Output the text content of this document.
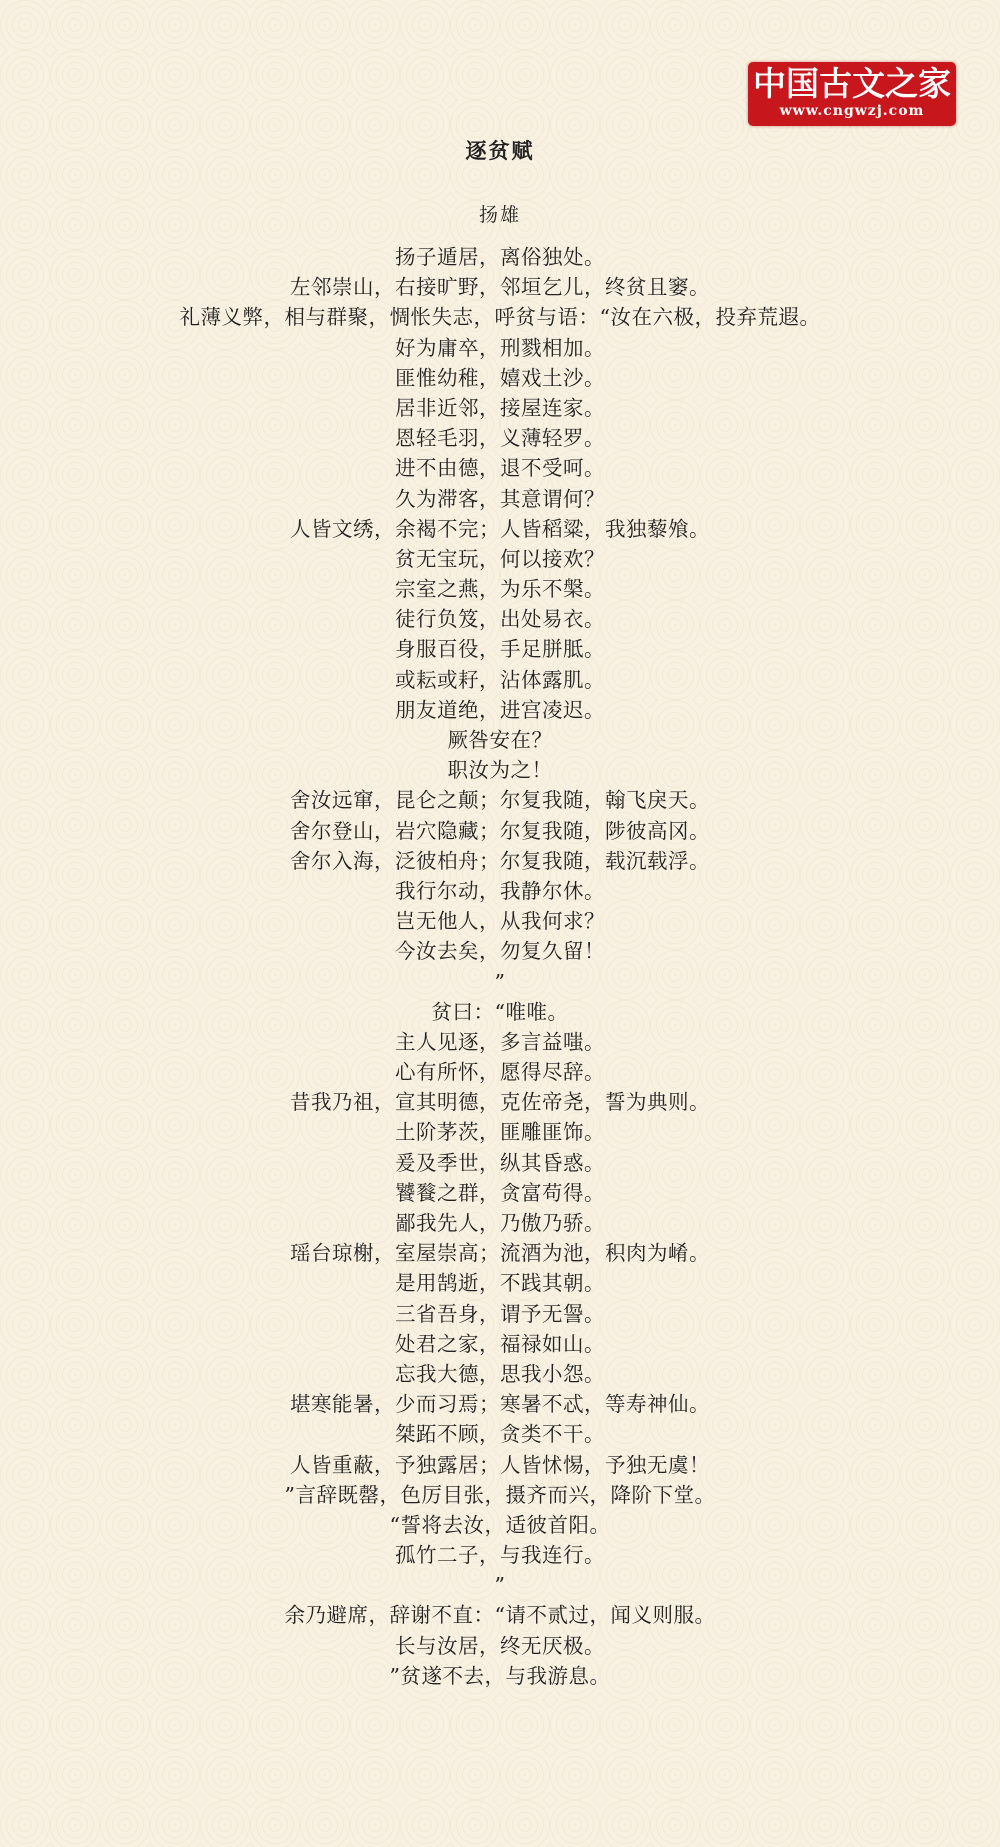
中国古文之家
www.cngwzj.com
逐贫赋
扬雄
扬子遁居，离俗独处。
左邻崇山，右接旷野，邻垣乞儿，终贫且窭。
礼薄义弊，相与群聚，惆怅失志，呼贫与语：“汝在六极，投弃荒遐。
好为庸卒，刑戮相加。
匪惟幼稚，嬉戏土沙。
居非近邻，接屋连家。
恩轻毛羽，义薄轻罗。
进不由德，退不受呵。
久为滞客，其意谓何？
人皆文绣，余褐不完；人皆稻粱，我独藜飧。
贫无宝玩，何以接欢？
宗室之燕，为乐不槃。
徒行负笈，出处易衣。
身服百役，手足胼胝。
或耘或耔，沾体露肌。
朋友道绝，进宫凌迟。
厥咎安在？
职汝为之！
舍汝远窜，昆仑之颠；尔复我随，翰飞戾天。
舍尔登山，岩穴隐藏；尔复我随，陟彼高冈。
舍尔入海，泛彼柏舟；尔复我随，载沉载浮。
我行尔动，我静尔休。
岂无他人，从我何求？
今汝去矣，勿复久留！
”
贫曰：“唯唯。
主人见逐，多言益嗤。
心有所怀，愿得尽辞。
昔我乃祖，宣其明德，克佐帝尧，誓为典则。
土阶茅茨，匪雕匪饰。
爰及季世，纵其昏惑。
饕餮之群，贪富苟得。
鄙我先人，乃傲乃骄。
瑶台琼榭，室屋崇高；流酒为池，积肉为崤。
是用鹄逝，不践其朝。
三省吾身，谓予无諐。
处君之家，福禄如山。
忘我大德，思我小怨。
堪寒能暑，少而习焉；寒暑不忒，等寿神仙。
桀跖不顾，贪类不干。
人皆重蔽，予独露居；人皆怵惕，予独无虞！
”言辞既罄，色厉目张，摄齐而兴，降阶下堂。
“誓将去汝，适彼首阳。
孤竹二子，与我连行。
”
余乃避席，辞谢不直：“请不贰过，闻义则服。
长与汝居，终无厌极。
”贫遂不去，与我游息。
